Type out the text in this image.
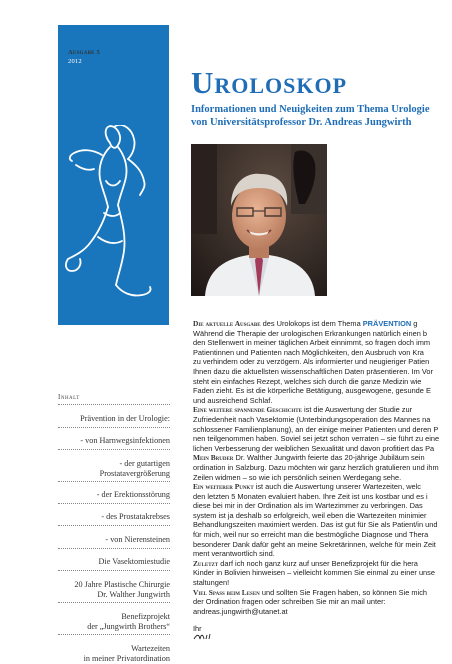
Ausgabe 5
2012
Uroloskop
Informationen und Neuigkeiten zum Thema Urologie
von Universitätsprofessor Dr. Andreas Jungwirth
Inhalt
Prävention in der Urologie:
- von Harnwegsinfektionen
- der gutartigen
Prostatavergrößerung
- der Erektionsstörung
- des Prostatakrebses
- von Nierensteinen
Die Vasektomiestudie
20 Jahre Plastische Chirurgie
Dr. Walther Jungwirth
Benefizprojekt
der „Jungwirth Brothers“
Wartezeiten
in meiner Privatordination

Die aktuelle Ausgabe des Urolokops ist dem Thema PRÄVENTION g

Während die Therapie der urologischen Erkrankungen natürlich einen b

den Stellenwert in meiner täglichen Arbeit einnimmt, so fragen doch imm

Patientinnen und Patienten nach Möglichkeiten, den Ausbruch von Kra

zu verhindern oder zu verzögern. Als informierter und neugieriger Patien

Ihnen dazu die aktuellsten wissenschaftlichen Daten präsentieren. Im Vor

steht ein einfaches Rezept, welches sich durch die ganze Medizin wie

Faden zieht. Es ist die körperliche Betätigung, ausgewogene, gesunde E

und ausreichend Schlaf.

Eine weitere spannende Geschichte ist die Auswertung der Studie zur

Zufriedenheit nach Vasektomie (Unterbindungsoperation des Mannes na

schlossener Familienplanung), an der einige meiner Patienten und deren P

nen teilgenommen haben. Soviel sei jetzt schon verraten – sie führt zu eine

lichen Verbesserung der weiblichen Sexualität und davon profitiert das Pa

Mein Bruder Dr. Walther Jungwirth feierte das 20-jährige Jubiläum sein

ordination in Salzburg. Dazu möchten wir ganz herzlich gratulieren und ihm

Zeilen widmen – so wie ich persönlich seinen Werdegang sehe.

Ein weiterer Punkt ist auch die Auswertung unserer Wartezeiten, welc

den letzten 5 Monaten evaluiert haben. Ihre Zeit ist uns kostbar und es i

diese bei mir in der Ordination als im Wartezimmer zu verbringen. Das

system ist ja deshalb so erfolgreich, weil eben die Wartezeiten minimier

Behandlungszeiten maximiert werden. Das ist gut für Sie als Patient/in und

für mich, weil nur so erreicht man die bestmögliche Diagnose und Thera

besonderer Dank dafür geht an meine Sekretärinnen, welche für mein Zeit

ment verantwortlich sind.

Zuletzt darf ich noch ganz kurz auf unser Benefizprojekt für die hera

Kinder in Bolivien hinweisen – vielleicht kommen Sie einmal zu einer unse

staltungen!

Viel Spass beim Lesen und sollten Sie Fragen haben, so können Sie mich

der Ordination fragen oder schreiben Sie mir an mail unter:

andreas.jungwirth@utanet.at

Ihr
